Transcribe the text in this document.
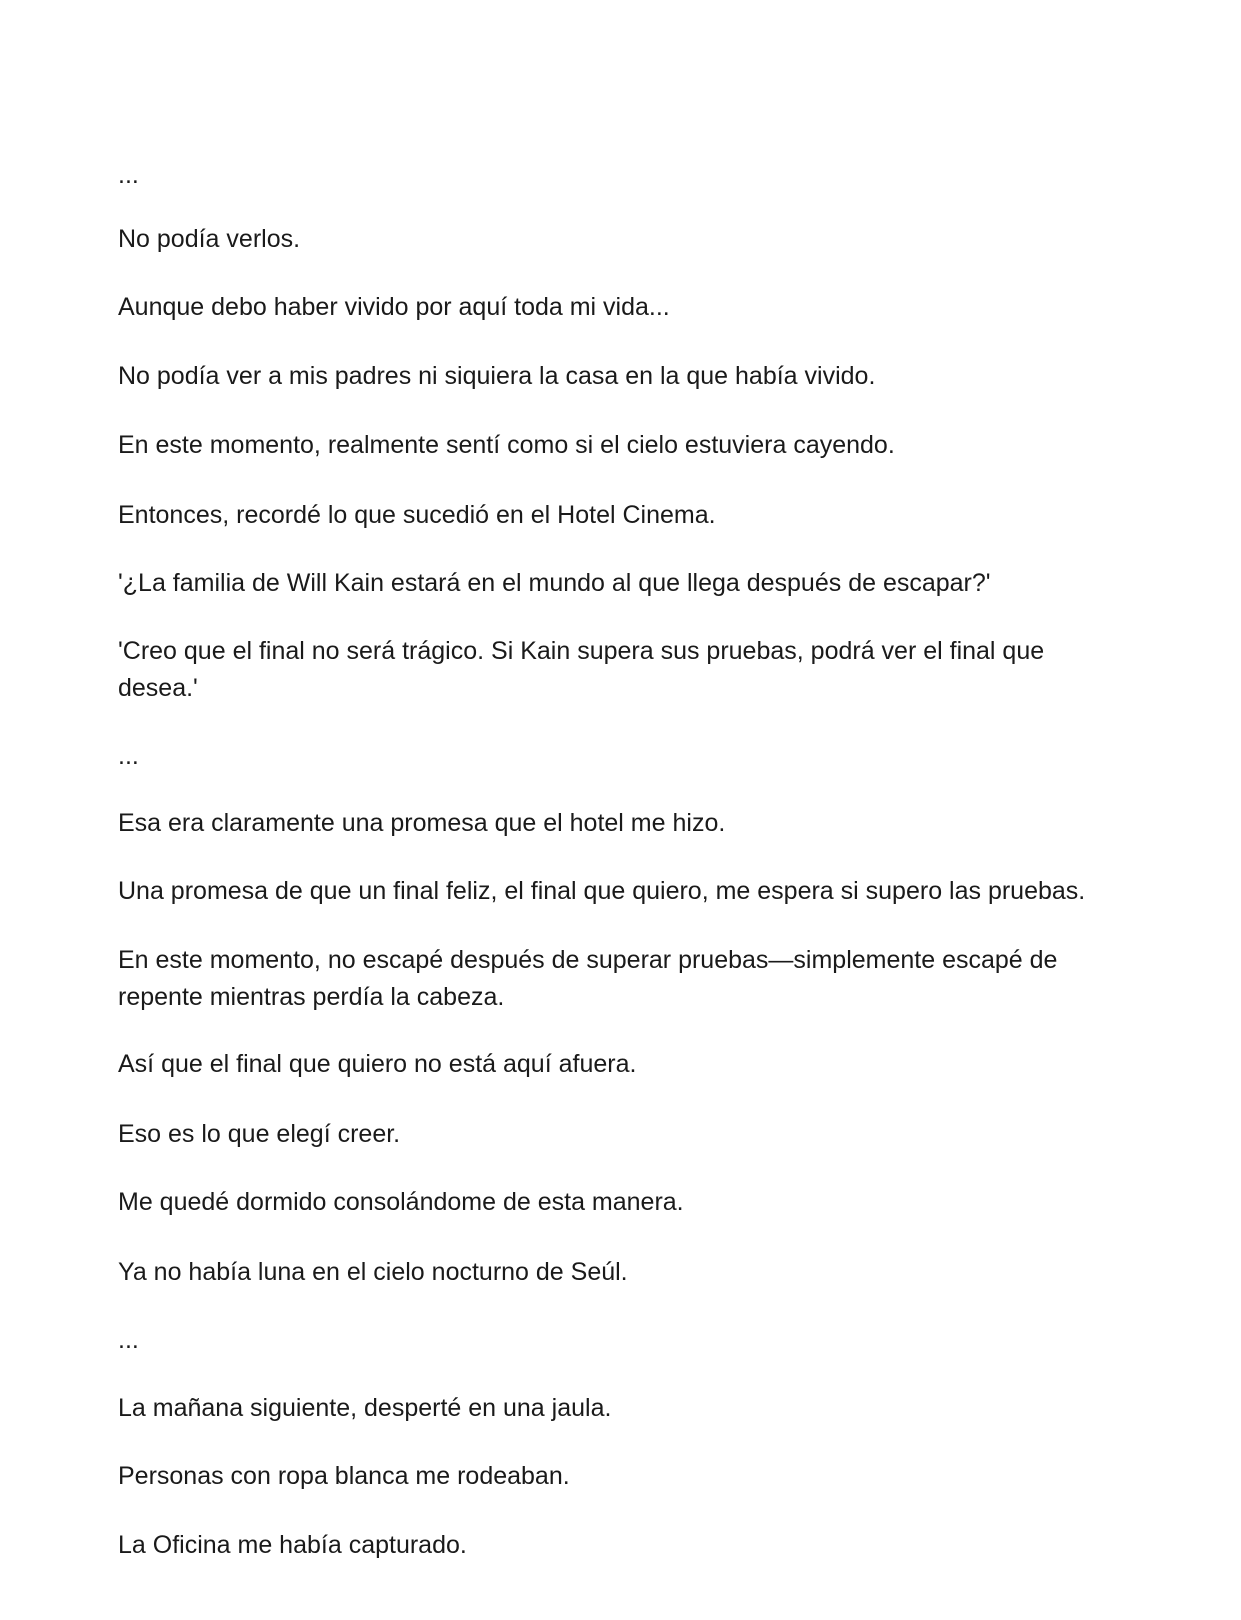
...

No podía verlos.

Aunque debo haber vivido por aquí toda mi vida...

No podía ver a mis padres ni siquiera la casa en la que había vivido.

En este momento, realmente sentí como si el cielo estuviera cayendo.

Entonces, recordé lo que sucedió en el Hotel Cinema.

'¿La familia de Will Kain estará en el mundo al que llega después de escapar?'

'Creo que el final no será trágico. Si Kain supera sus pruebas, podrá ver el final que desea.'

...

Esa era claramente una promesa que el hotel me hizo.

Una promesa de que un final feliz, el final que quiero, me espera si supero las pruebas.

En este momento, no escapé después de superar pruebas—simplemente escapé de repente mientras perdía la cabeza.

Así que el final que quiero no está aquí afuera.

Eso es lo que elegí creer.

Me quedé dormido consolándome de esta manera.

Ya no había luna en el cielo nocturno de Seúl.

...

La mañana siguiente, desperté en una jaula.

Personas con ropa blanca me rodeaban.

La Oficina me había capturado.
